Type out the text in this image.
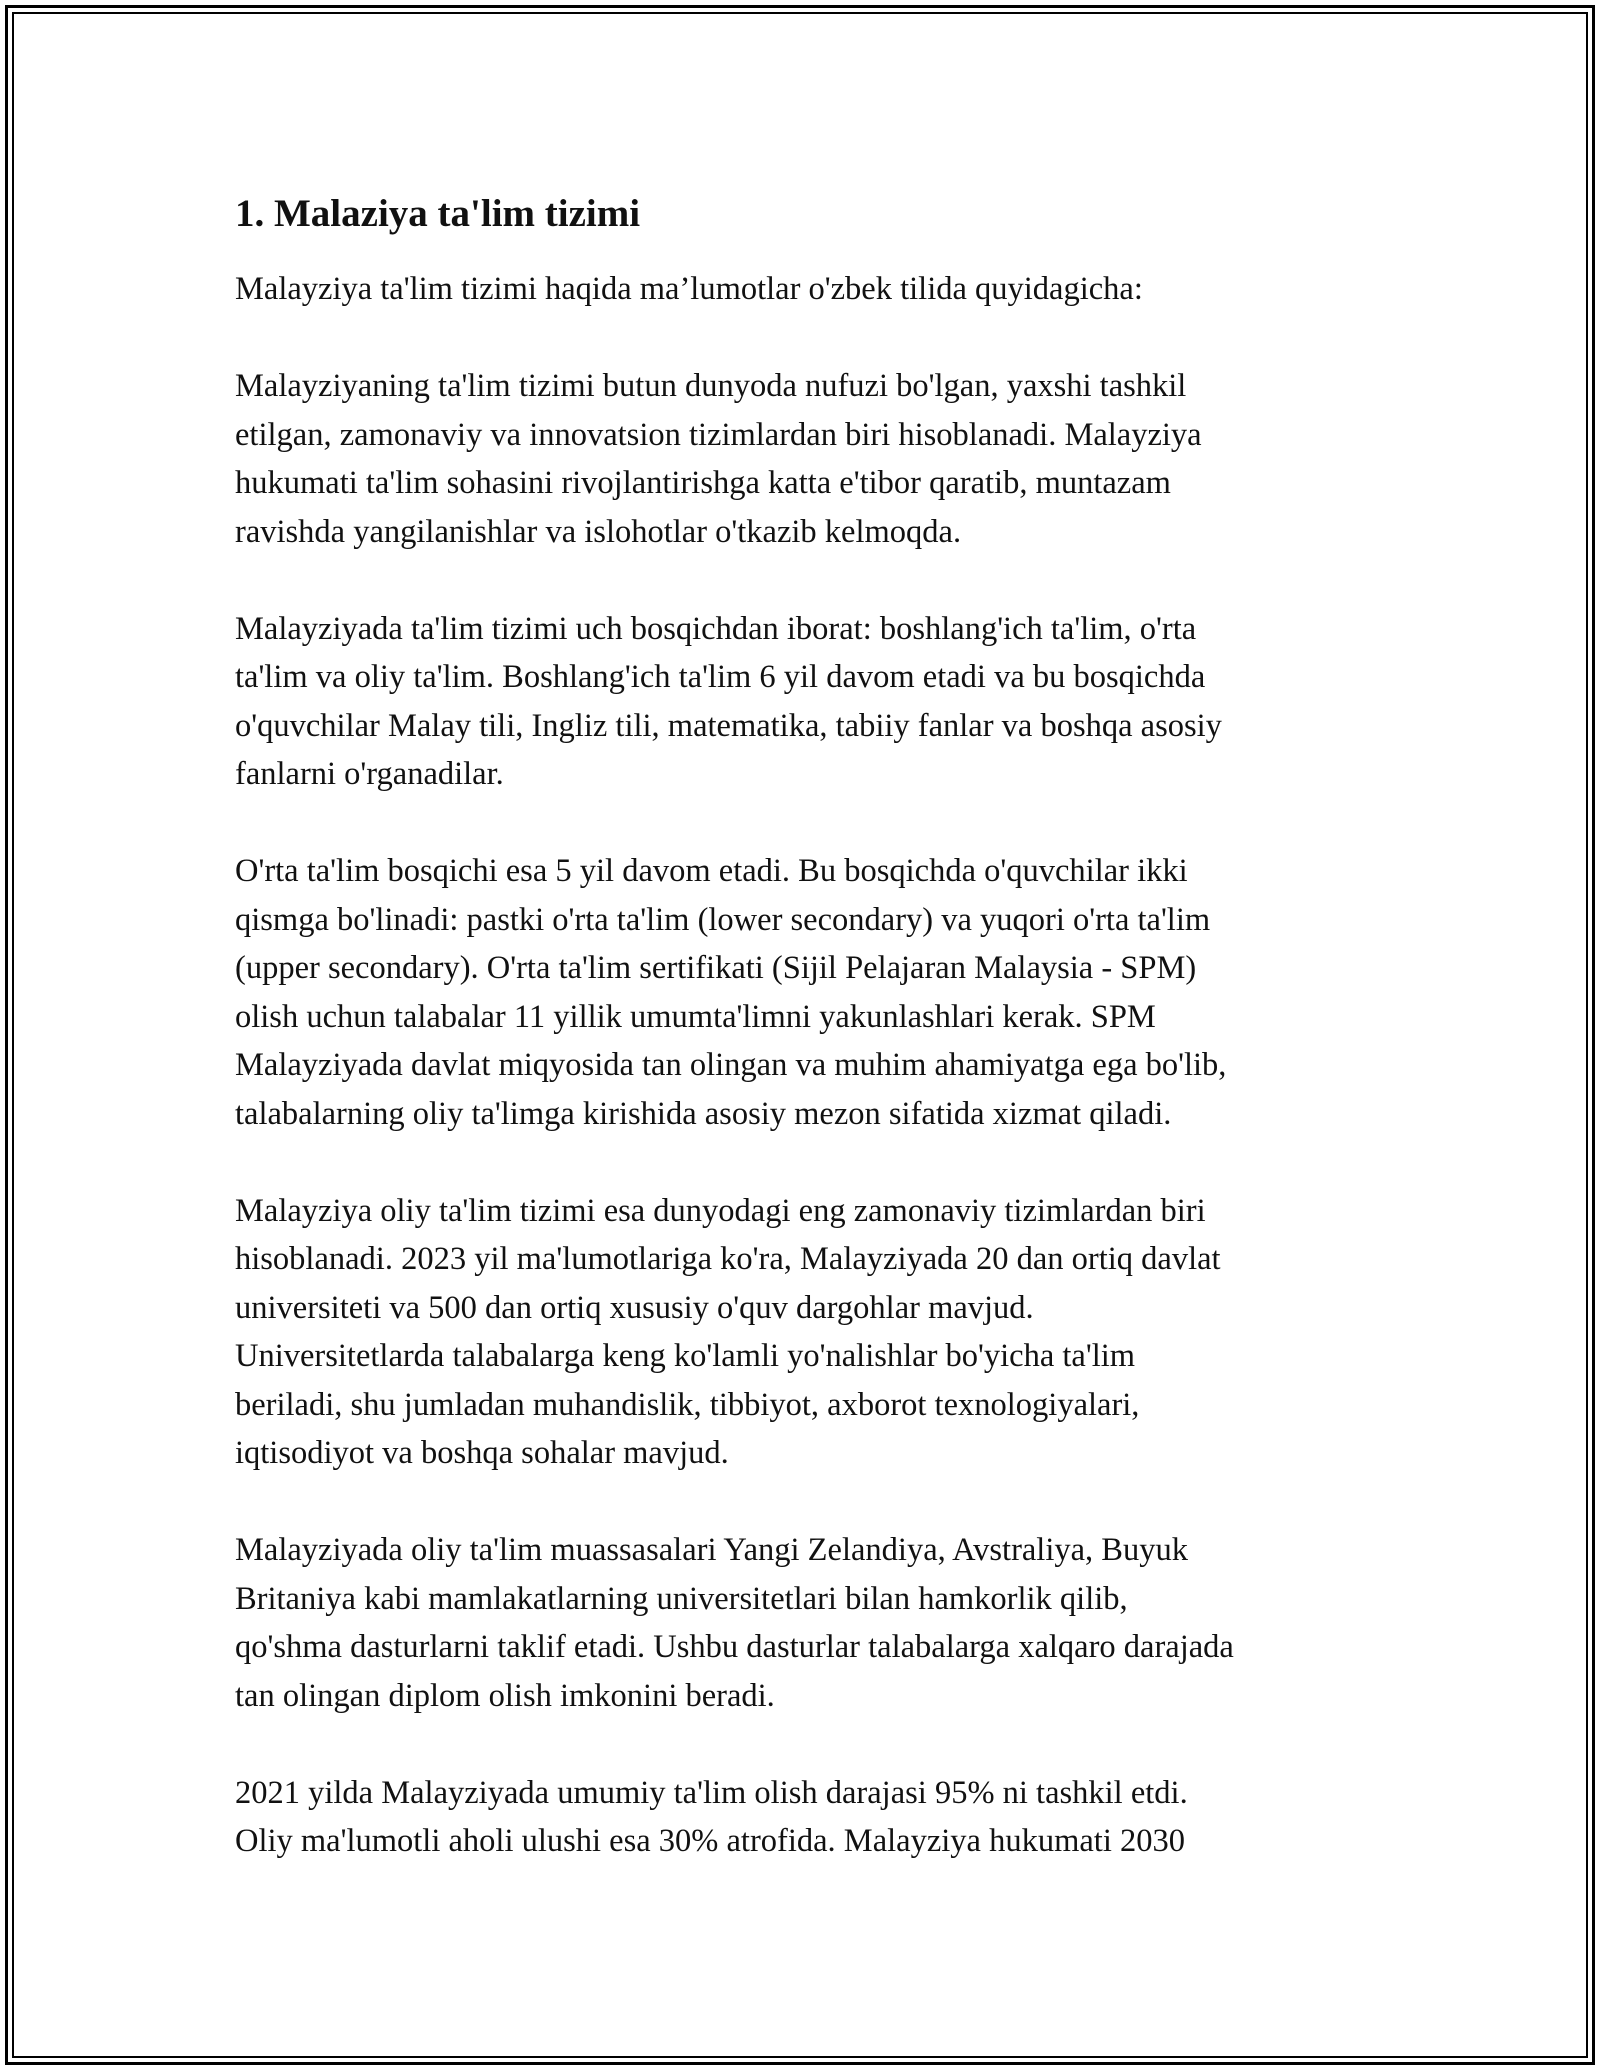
1. Malaziya ta'lim tizimi

Malayziya ta'lim tizimi haqida ma’lumotlar o'zbek tilida quyidagicha:

Malayziyaning ta'lim tizimi butun dunyoda nufuzi bo'lgan, yaxshi tashkil
etilgan, zamonaviy va innovatsion tizimlardan biri hisoblanadi. Malayziya
hukumati ta'lim sohasini rivojlantirishga katta e'tibor qaratib, muntazam
ravishda yangilanishlar va islohotlar o'tkazib kelmoqda.

Malayziyada ta'lim tizimi uch bosqichdan iborat: boshlang'ich ta'lim, o'rta
ta'lim va oliy ta'lim. Boshlang'ich ta'lim 6 yil davom etadi va bu bosqichda
o'quvchilar Malay tili, Ingliz tili, matematika, tabiiy fanlar va boshqa asosiy
fanlarni o'rganadilar.

O'rta ta'lim bosqichi esa 5 yil davom etadi. Bu bosqichda o'quvchilar ikki
qismga bo'linadi: pastki o'rta ta'lim (lower secondary) va yuqori o'rta ta'lim
(upper secondary). O'rta ta'lim sertifikati (Sijil Pelajaran Malaysia - SPM)
olish uchun talabalar 11 yillik umumta'limni yakunlashlari kerak. SPM
Malayziyada davlat miqyosida tan olingan va muhim ahamiyatga ega bo'lib,
talabalarning oliy ta'limga kirishida asosiy mezon sifatida xizmat qiladi.

Malayziya oliy ta'lim tizimi esa dunyodagi eng zamonaviy tizimlardan biri
hisoblanadi. 2023 yil ma'lumotlariga ko'ra, Malayziyada 20 dan ortiq davlat
universiteti va 500 dan ortiq xususiy o'quv dargohlar mavjud.
Universitetlarda talabalarga keng ko'lamli yo'nalishlar bo'yicha ta'lim
beriladi, shu jumladan muhandislik, tibbiyot, axborot texnologiyalari,
iqtisodiyot va boshqa sohalar mavjud.

Malayziyada oliy ta'lim muassasalari Yangi Zelandiya, Avstraliya, Buyuk
Britaniya kabi mamlakatlarning universitetlari bilan hamkorlik qilib,
qo'shma dasturlarni taklif etadi. Ushbu dasturlar talabalarga xalqaro darajada
tan olingan diplom olish imkonini beradi.

2021 yilda Malayziyada umumiy ta'lim olish darajasi 95% ni tashkil etdi.
Oliy ma'lumotli aholi ulushi esa 30% atrofida. Malayziya hukumati 2030
